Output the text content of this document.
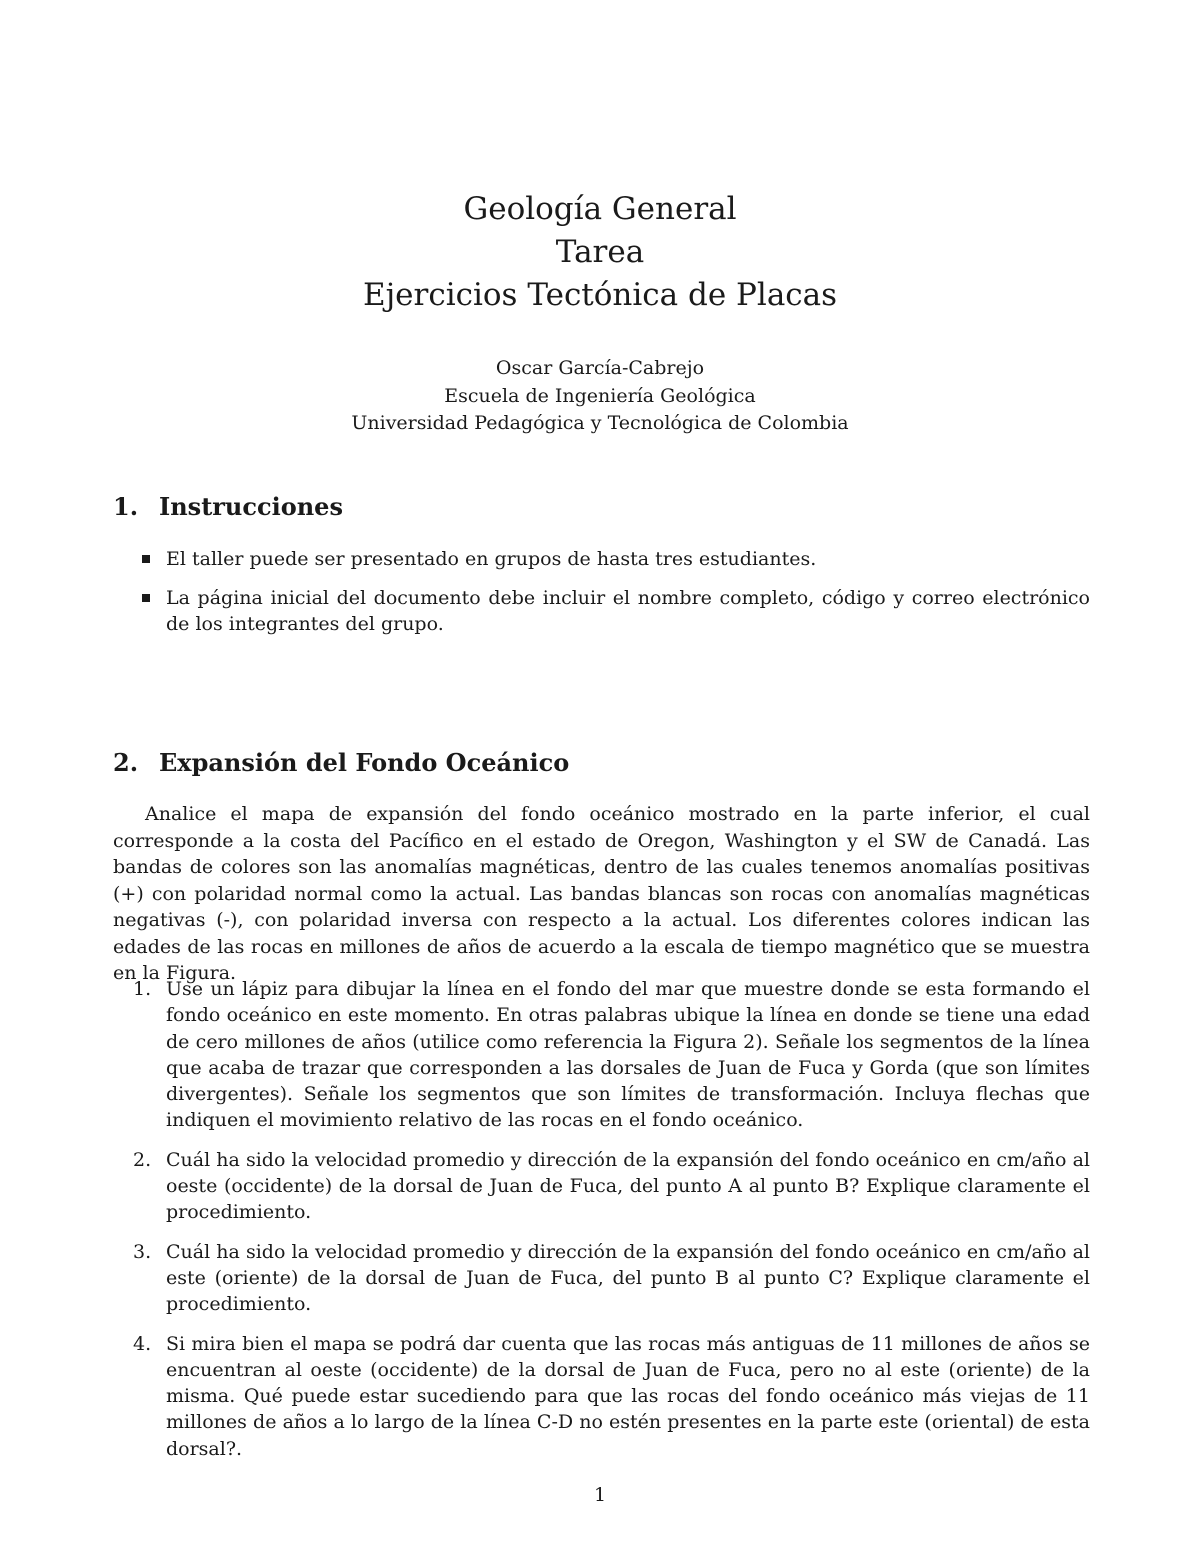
Geología General
Tarea
Ejercicios Tectónica de Placas
Oscar García-Cabrejo
Escuela de Ingeniería Geológica
Universidad Pedagógica y Tecnológica de Colombia
1. Instrucciones
El taller puede ser presentado en grupos de hasta tres estudiantes.
La página inicial del documento debe incluir el nombre completo, código y correo electrónico de los integrantes del grupo.
2. Expansión del Fondo Oceánico

Analice el mapa de expansión del fondo oceánico mostrado en la parte inferior, el cual corresponde a la costa del Pacífico en el estado de Oregon, Washington y el SW de Canadá. Las bandas de colores son las anomalías magnéticas, dentro de las cuales tenemos anomalías positivas (+) con polaridad normal como la actual. Las bandas blancas son rocas con anomalías magnéticas negativas (-), con polaridad inversa con respecto a la actual. Los diferentes colores indican las edades de las rocas en millones de años de acuerdo a la escala de tiempo magnético que se muestra en la Figura.

1. Use un lápiz para dibujar la línea en el fondo del mar que muestre donde se esta formando el fondo oceánico en este momento. En otras palabras ubique la línea en donde se tiene una edad de cero millones de años (utilice como referencia la Figura 2). Señale los segmentos de la línea que acaba de trazar que corresponden a las dorsales de Juan de Fuca y Gorda (que son límites divergentes). Señale los segmentos que son límites de transformación. Incluya flechas que indiquen el movimiento relativo de las rocas en el fondo oceánico.
2. Cuál ha sido la velocidad promedio y dirección de la expansión del fondo oceánico en cm/año al oeste (occidente) de la dorsal de Juan de Fuca, del punto A al punto B? Explique claramente el procedimiento.
3. Cuál ha sido la velocidad promedio y dirección de la expansión del fondo oceánico en cm/año al este (oriente) de la dorsal de Juan de Fuca, del punto B al punto C? Explique claramente el procedimiento.
4. Si mira bien el mapa se podrá dar cuenta que las rocas más antiguas de 11 millones de años se encuentran al oeste (occidente) de la dorsal de Juan de Fuca, pero no al este (oriente) de la misma. Qué puede estar sucediendo para que las rocas del fondo oceánico más viejas de 11 millones de años a lo largo de la línea C-D no estén presentes en la parte este (oriental) de esta dorsal?.
1
